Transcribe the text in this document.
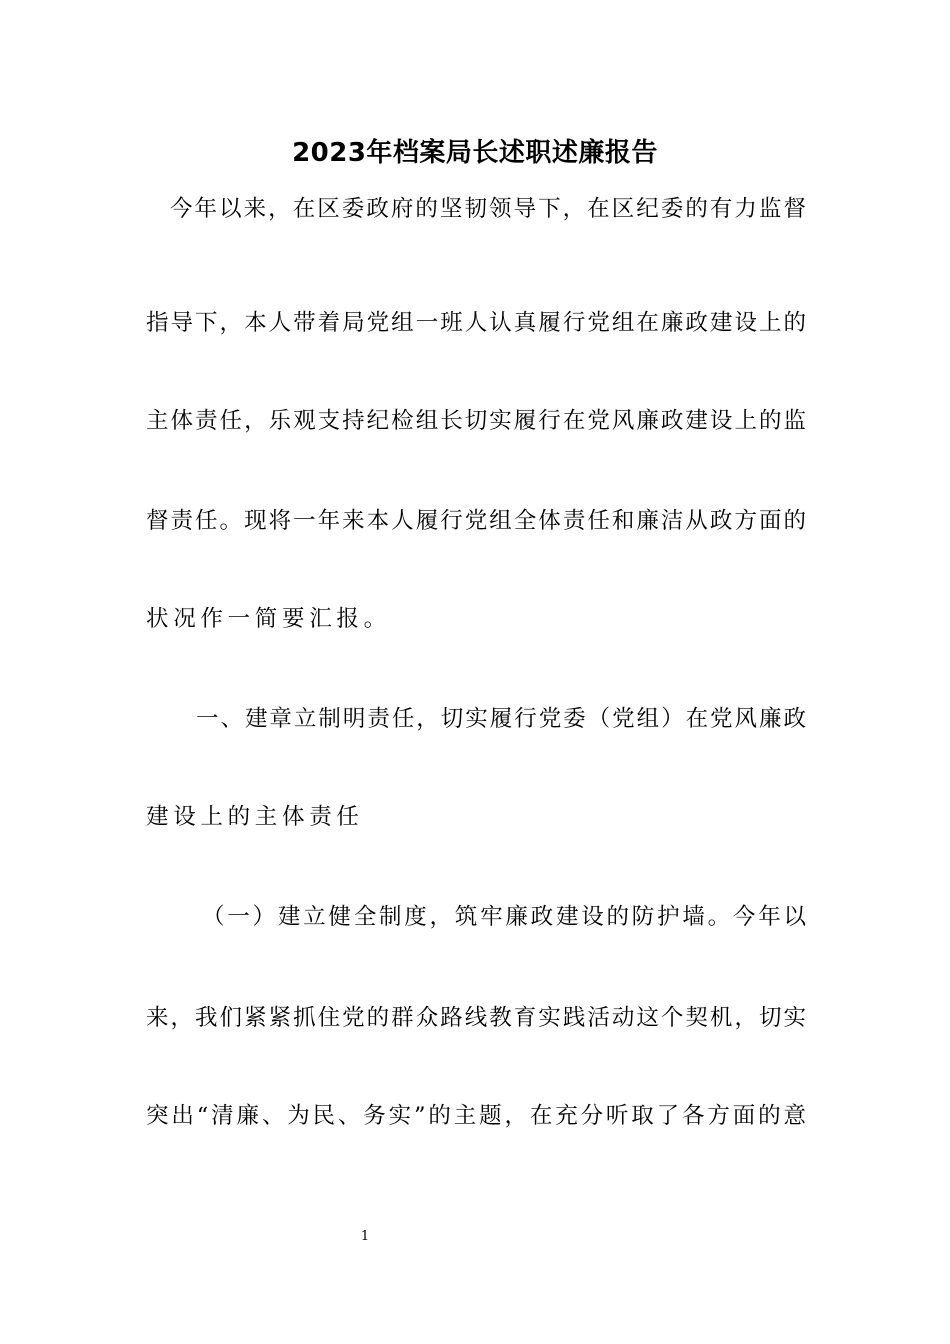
2023年档案局长述职述廉报告
今年以来，在区委政府的坚韧领导下，在区纪委的有力监督
指导下，本人带着局党组一班人认真履行党组在廉政建设上的
主体责任，乐观支持纪检组长切实履行在党风廉政建设上的监
督责任。现将一年来本人履行党组全体责任和廉洁从政方面的
状况作一简要汇报。
一、建章立制明责任，切实履行党委（党组）在党风廉政
建设上的主体责任
（一）建立健全制度，筑牢廉政建设的防护墙。今年以
来，我们紧紧抓住党的群众路线教育实践活动这个契机，切实
突出“清廉、为民、务实”的主题，在充分听取了各方面的意
1
